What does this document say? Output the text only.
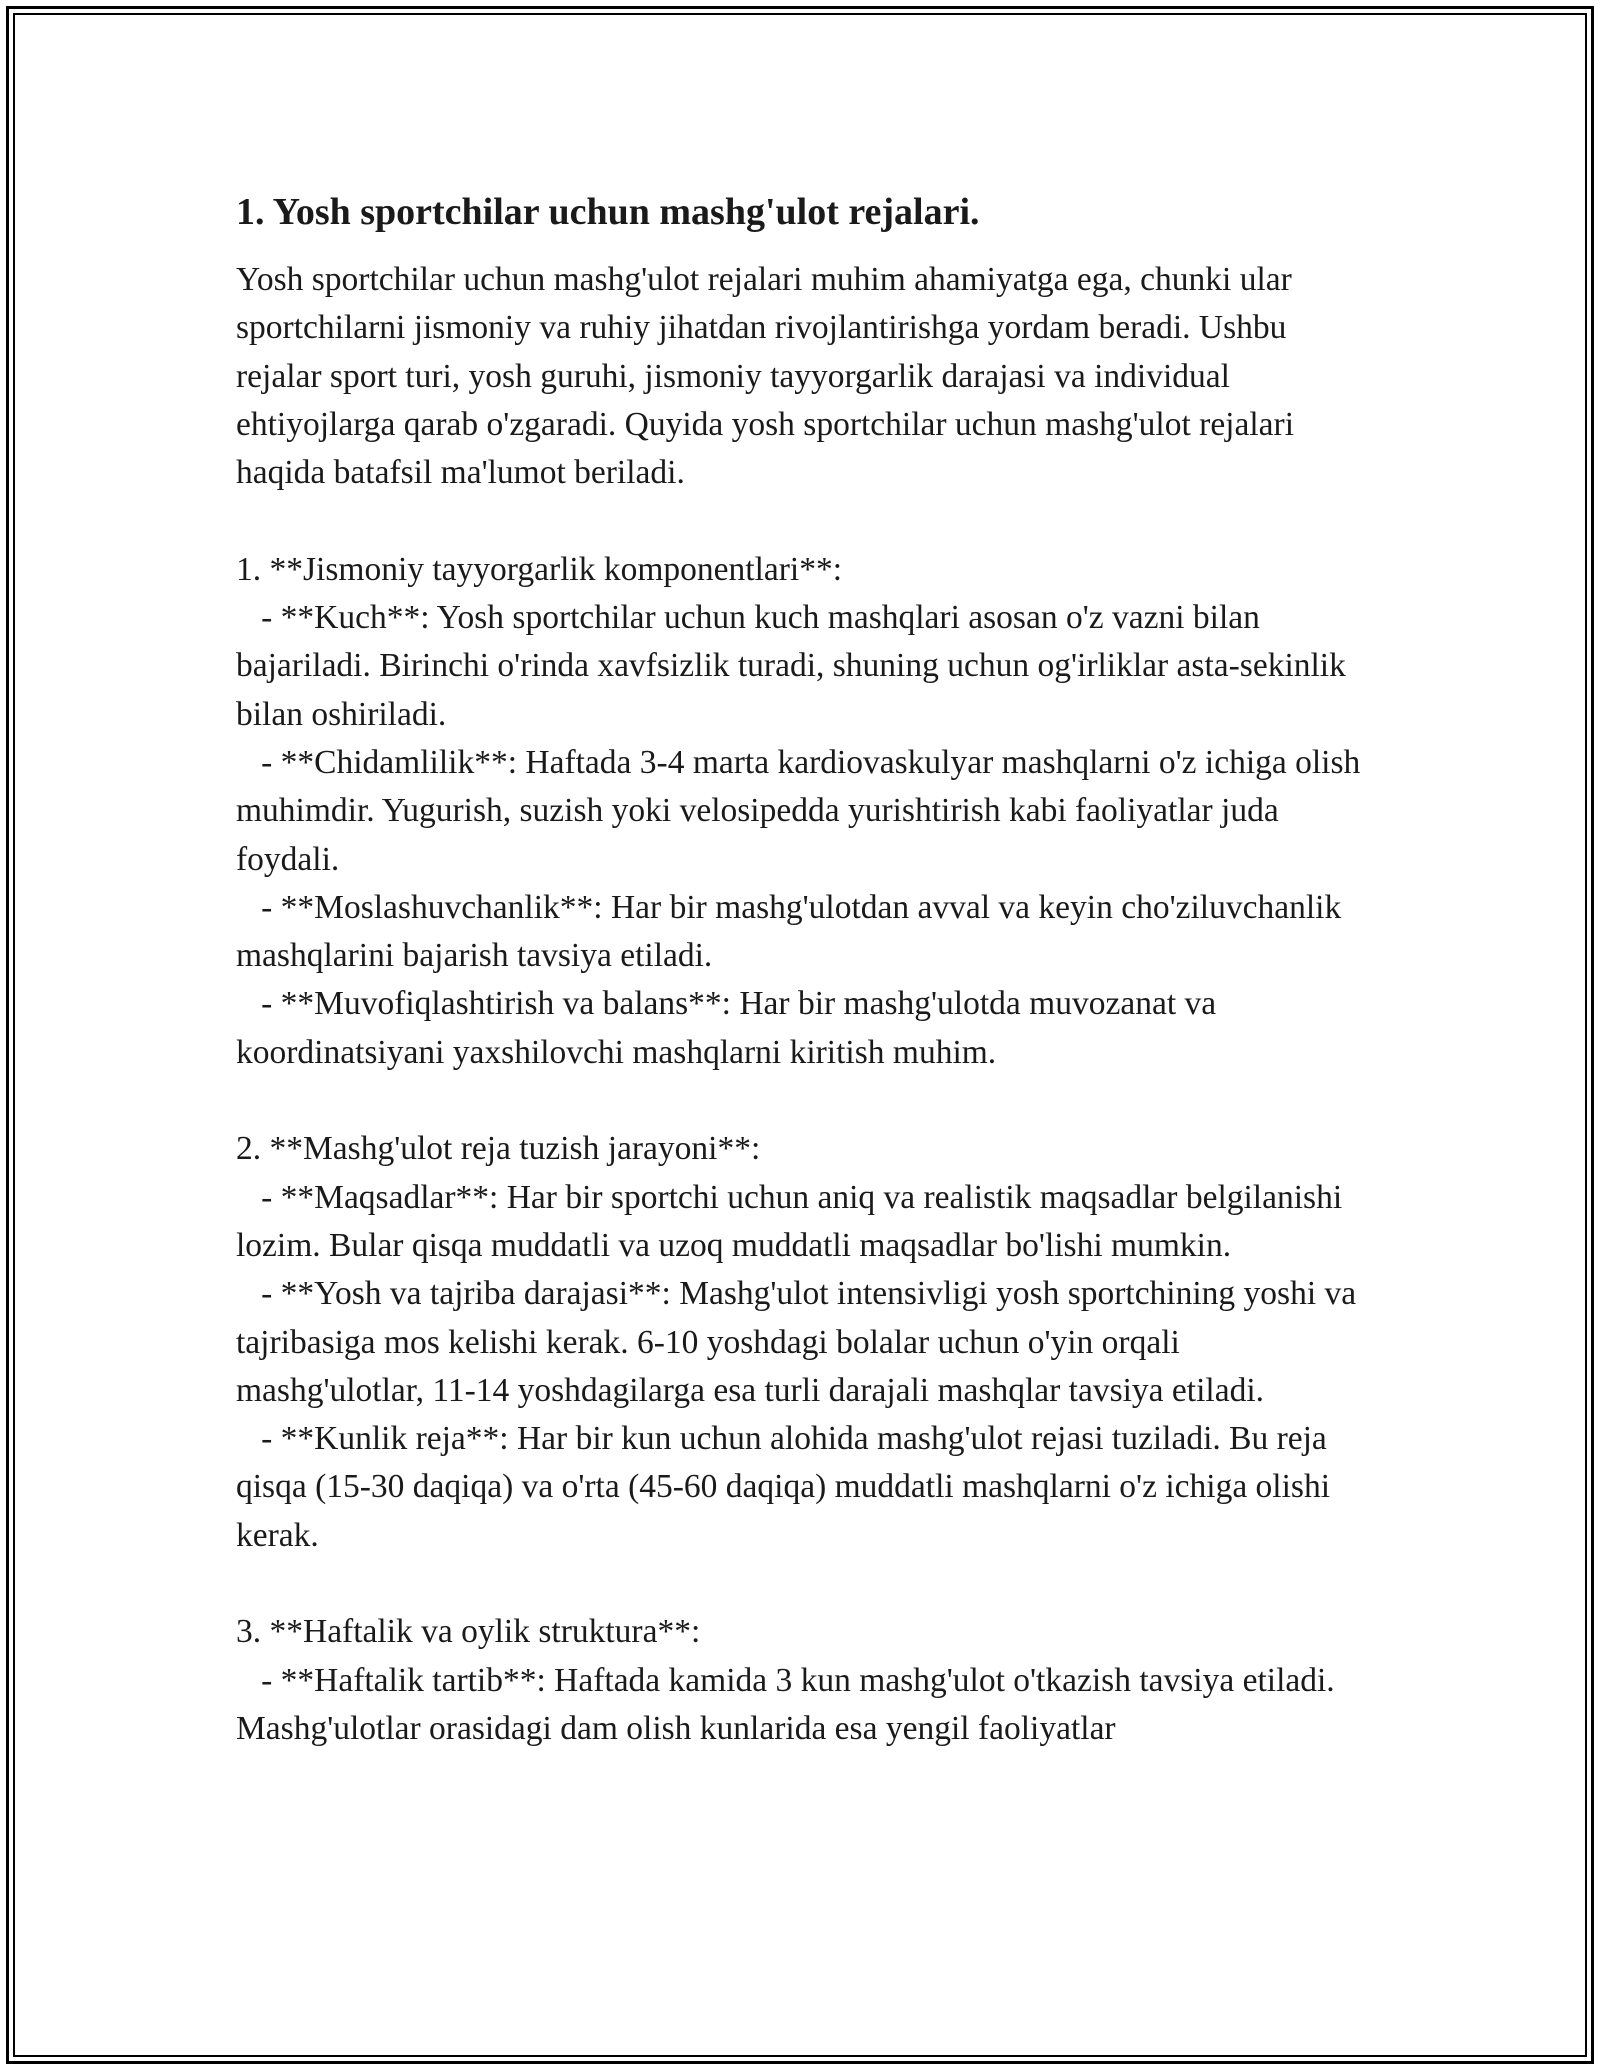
1. Yosh sportchilar uchun mashg'ulot rejalari.

Yosh sportchilar uchun mashg'ulot rejalari muhim ahamiyatga ega, chunki ular sportchilarni jismoniy va ruhiy jihatdan rivojlantirishga yordam beradi. Ushbu rejalar sport turi, yosh guruhi, jismoniy tayyorgarlik darajasi va individual ehtiyojlarga qarab o'zgaradi. Quyida yosh sportchilar uchun mashg'ulot rejalari haqida batafsil ma'lumot beriladi.

1. **Jismoniy tayyorgarlik komponentlari**:

- **Kuch**: Yosh sportchilar uchun kuch mashqlari asosan o'z vazni bilan bajariladi. Birinchi o'rinda xavfsizlik turadi, shuning uchun og'irliklar asta-sekinlik bilan oshiriladi.

- **Chidamlilik**: Haftada 3-4 marta kardiovaskulyar mashqlarni o'z ichiga olish muhimdir. Yugurish, suzish yoki velosipedda yurishtirish kabi faoliyatlar juda foydali.

- **Moslashuvchanlik**: Har bir mashg'ulotdan avval va keyin cho'ziluvchanlik mashqlarini bajarish tavsiya etiladi.

- **Muvofiqlashtirish va balans**: Har bir mashg'ulotda muvozanat va koordinatsiyani yaxshilovchi mashqlarni kiritish muhim.

2. **Mashg'ulot reja tuzish jarayoni**:

- **Maqsadlar**: Har bir sportchi uchun aniq va realistik maqsadlar belgilanishi lozim. Bular qisqa muddatli va uzoq muddatli maqsadlar bo'lishi mumkin.

- **Yosh va tajriba darajasi**: Mashg'ulot intensivligi yosh sportchining yoshi va tajribasiga mos kelishi kerak. 6-10 yoshdagi bolalar uchun o'yin orqali mashg'ulotlar, 11-14 yoshdagilarga esa turli darajali mashqlar tavsiya etiladi.

- **Kunlik reja**: Har bir kun uchun alohida mashg'ulot rejasi tuziladi. Bu reja qisqa (15-30 daqiqa) va o'rta (45-60 daqiqa) muddatli mashqlarni o'z ichiga olishi kerak.

3. **Haftalik va oylik struktura**:

- **Haftalik tartib**: Haftada kamida 3 kun mashg'ulot o'tkazish tavsiya etiladi. Mashg'ulotlar orasidagi dam olish kunlarida esa yengil faoliyatlar
